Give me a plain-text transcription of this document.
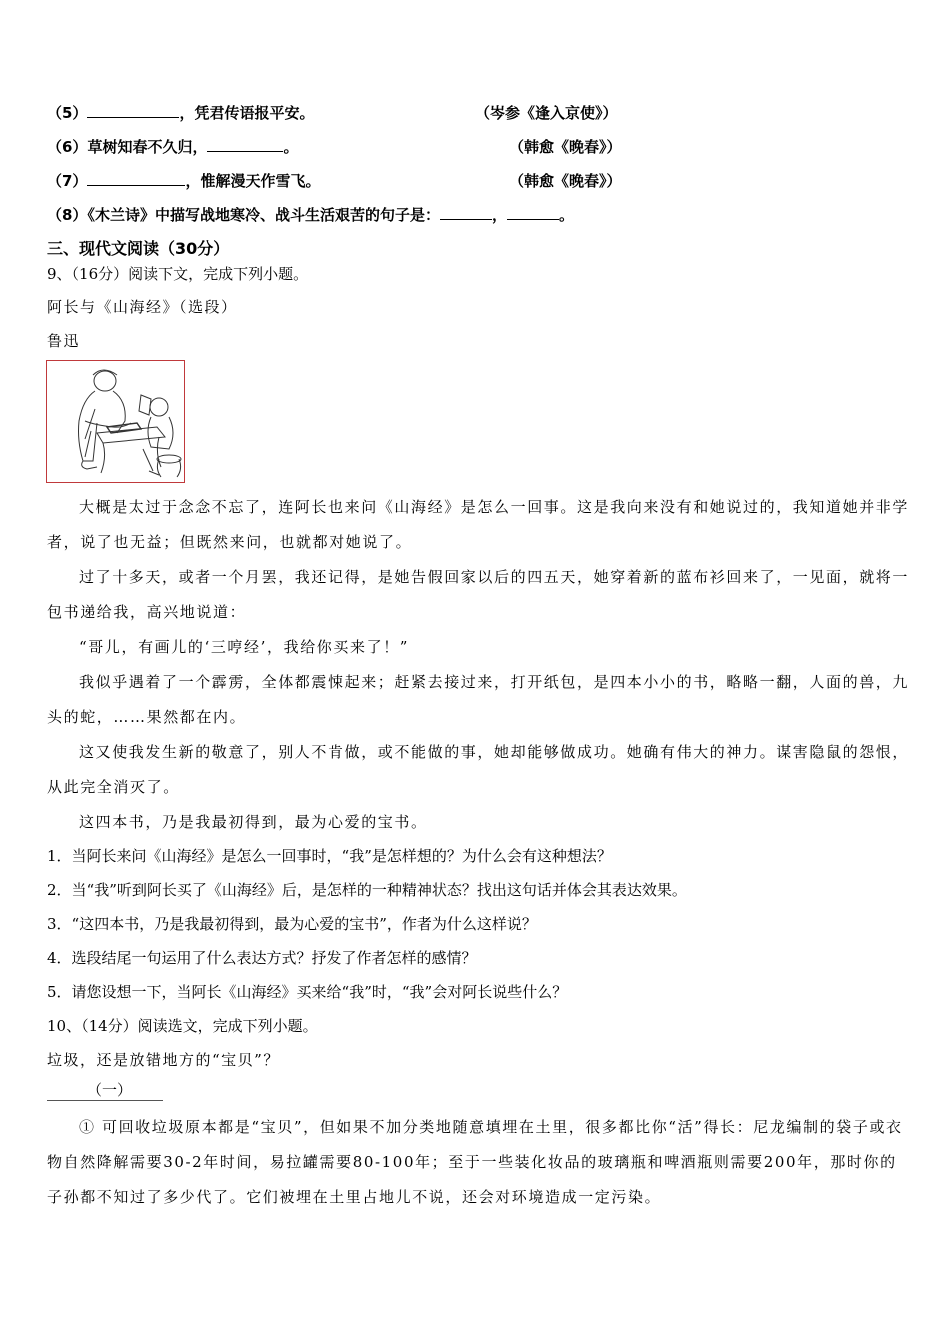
（5）	，凭君传语报平安。	（岑参《逢入京使》）
（6）草树知春不久归，	。	（韩愈《晚春》）
（7）	，惟解漫天作雪飞。	（韩愈《晚春》）
（8）《木兰诗》中描写战地寒冷、战斗生活艰苦的句子是：	，	。
三、现代文阅读（30分）
9、（16分）阅读下文，完成下列小题。
阿长与《山海经》（选段）
鲁迅
大概是太过于念念不忘了，连阿长也来问《山海经》是怎么一回事。这是我向来没有和她说过的，我知道她并非学者，说了也无益；但既然来问，也就都对她说了。
过了十多天，或者一个月罢，我还记得，是她告假回家以后的四五天，她穿着新的蓝布衫回来了，一见面，就将一包书递给我，高兴地说道：
“哥儿，有画儿的‘三哼经’，我给你买来了！”
我似乎遇着了一个霹雳，全体都震悚起来；赶紧去接过来，打开纸包，是四本小小的书，略略一翻，人面的兽，九头的蛇，……果然都在内。
这又使我发生新的敬意了，别人不肯做，或不能做的事，她却能够做成功。她确有伟大的神力。谋害隐鼠的怨恨，从此完全消灭了。
这四本书，乃是我最初得到，最为心爱的宝书。
1．当阿长来问《山海经》是怎么一回事时，“我”是怎样想的？为什么会有这种想法？
2．当“我”听到阿长买了《山海经》后，是怎样的一种精神状态？找出这句话并体会其表达效果。
3．“这四本书，乃是我最初得到，最为心爱的宝书”，作者为什么这样说？
4．选段结尾一句运用了什么表达方式？抒发了作者怎样的感情？
5．请您设想一下，当阿长《山海经》买来给“我”时，“我”会对阿长说些什么？
10、（14分）阅读选文，完成下列小题。
垃圾，还是放错地方的“宝贝”？
（一）
① 可回收垃圾原本都是“宝贝”，但如果不加分类地随意填埋在土里，很多都比你“活”得长：尼龙编制的袋子或衣物自然降解需要30-2年时间，易拉罐需要80-100年；至于一些装化妆品的玻璃瓶和啤酒瓶则需要200年，那时你的子孙都不知过了多少代了。它们被埋在土里占地儿不说，还会对环境造成一定污染。
